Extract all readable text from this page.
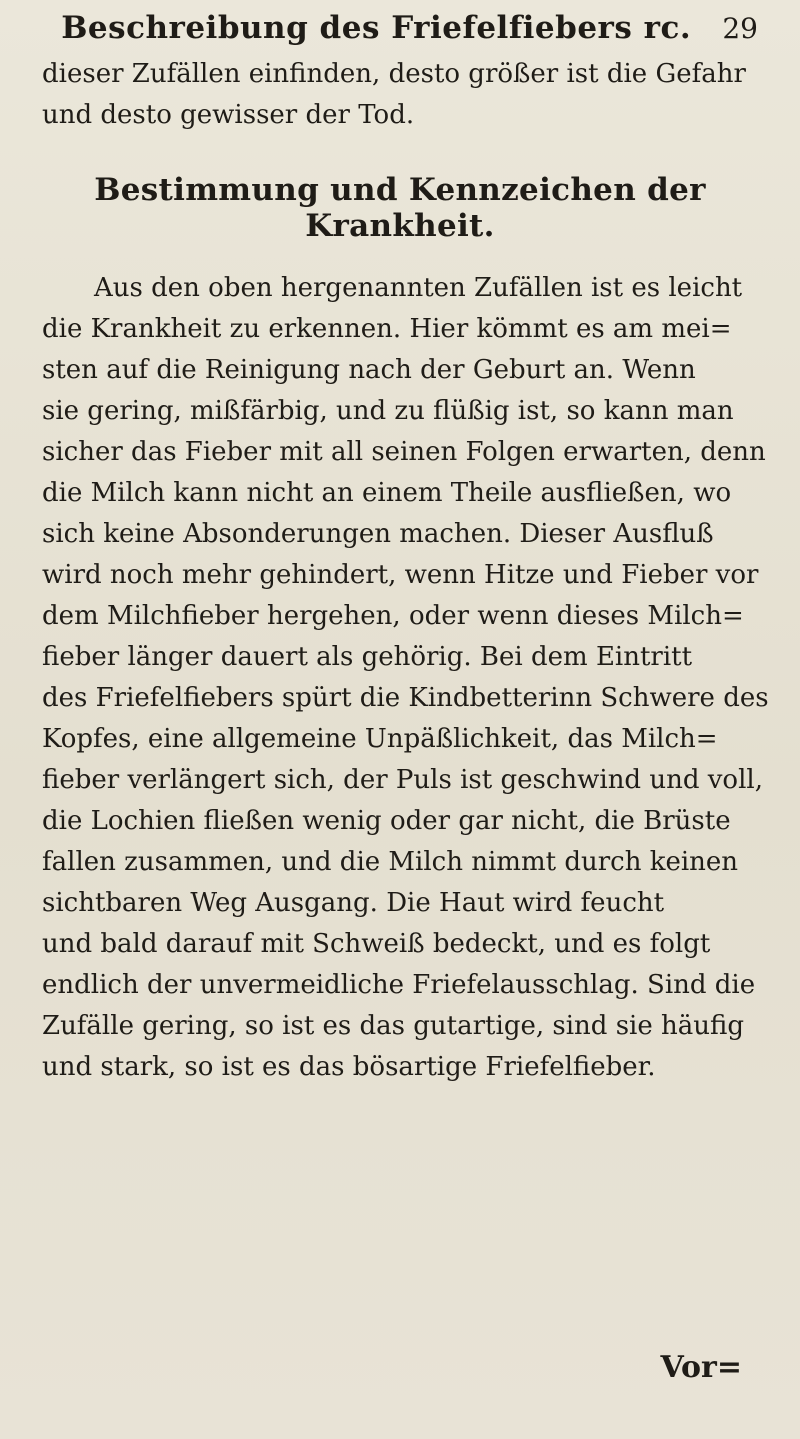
Beschreibung des Friefelfiebers rc.	29

dieser Zufällen einfinden, desto größer ist die Gefahr
und desto gewisser der Tod.

Bestimmung und Kennzeichen der Krankheit.

Aus den oben hergenannten Zufällen ist es leicht
die Krankheit zu erkennen. Hier kömmt es am mei=
sten auf die Reinigung nach der Geburt an. Wenn
sie gering, mißfärbig, und zu flüßig ist, so kann man
sicher das Fieber mit all seinen Folgen erwarten, denn
die Milch kann nicht an einem Theile ausfließen, wo
sich keine Absonderungen machen. Dieser Ausfluß
wird noch mehr gehindert, wenn Hitze und Fieber vor
dem Milchfieber hergehen, oder wenn dieses Milch=
fieber länger dauert als gehörig. Bei dem Eintritt
des Friefelfiebers spürt die Kindbetterinn Schwere des
Kopfes, eine allgemeine Unpäßlichkeit, das Milch=
fieber verlängert sich, der Puls ist geschwind und voll,
die Lochien fließen wenig oder gar nicht, die Brüste
fallen zusammen, und die Milch nimmt durch keinen
sichtbaren Weg Ausgang. Die Haut wird feucht
und bald darauf mit Schweiß bedeckt, und es folgt
endlich der unvermeidliche Friefelausschlag. Sind die
Zufälle gering, so ist es das gutartige, sind sie häufig
und stark, so ist es das bösartige Friefelfieber.

Vor=
